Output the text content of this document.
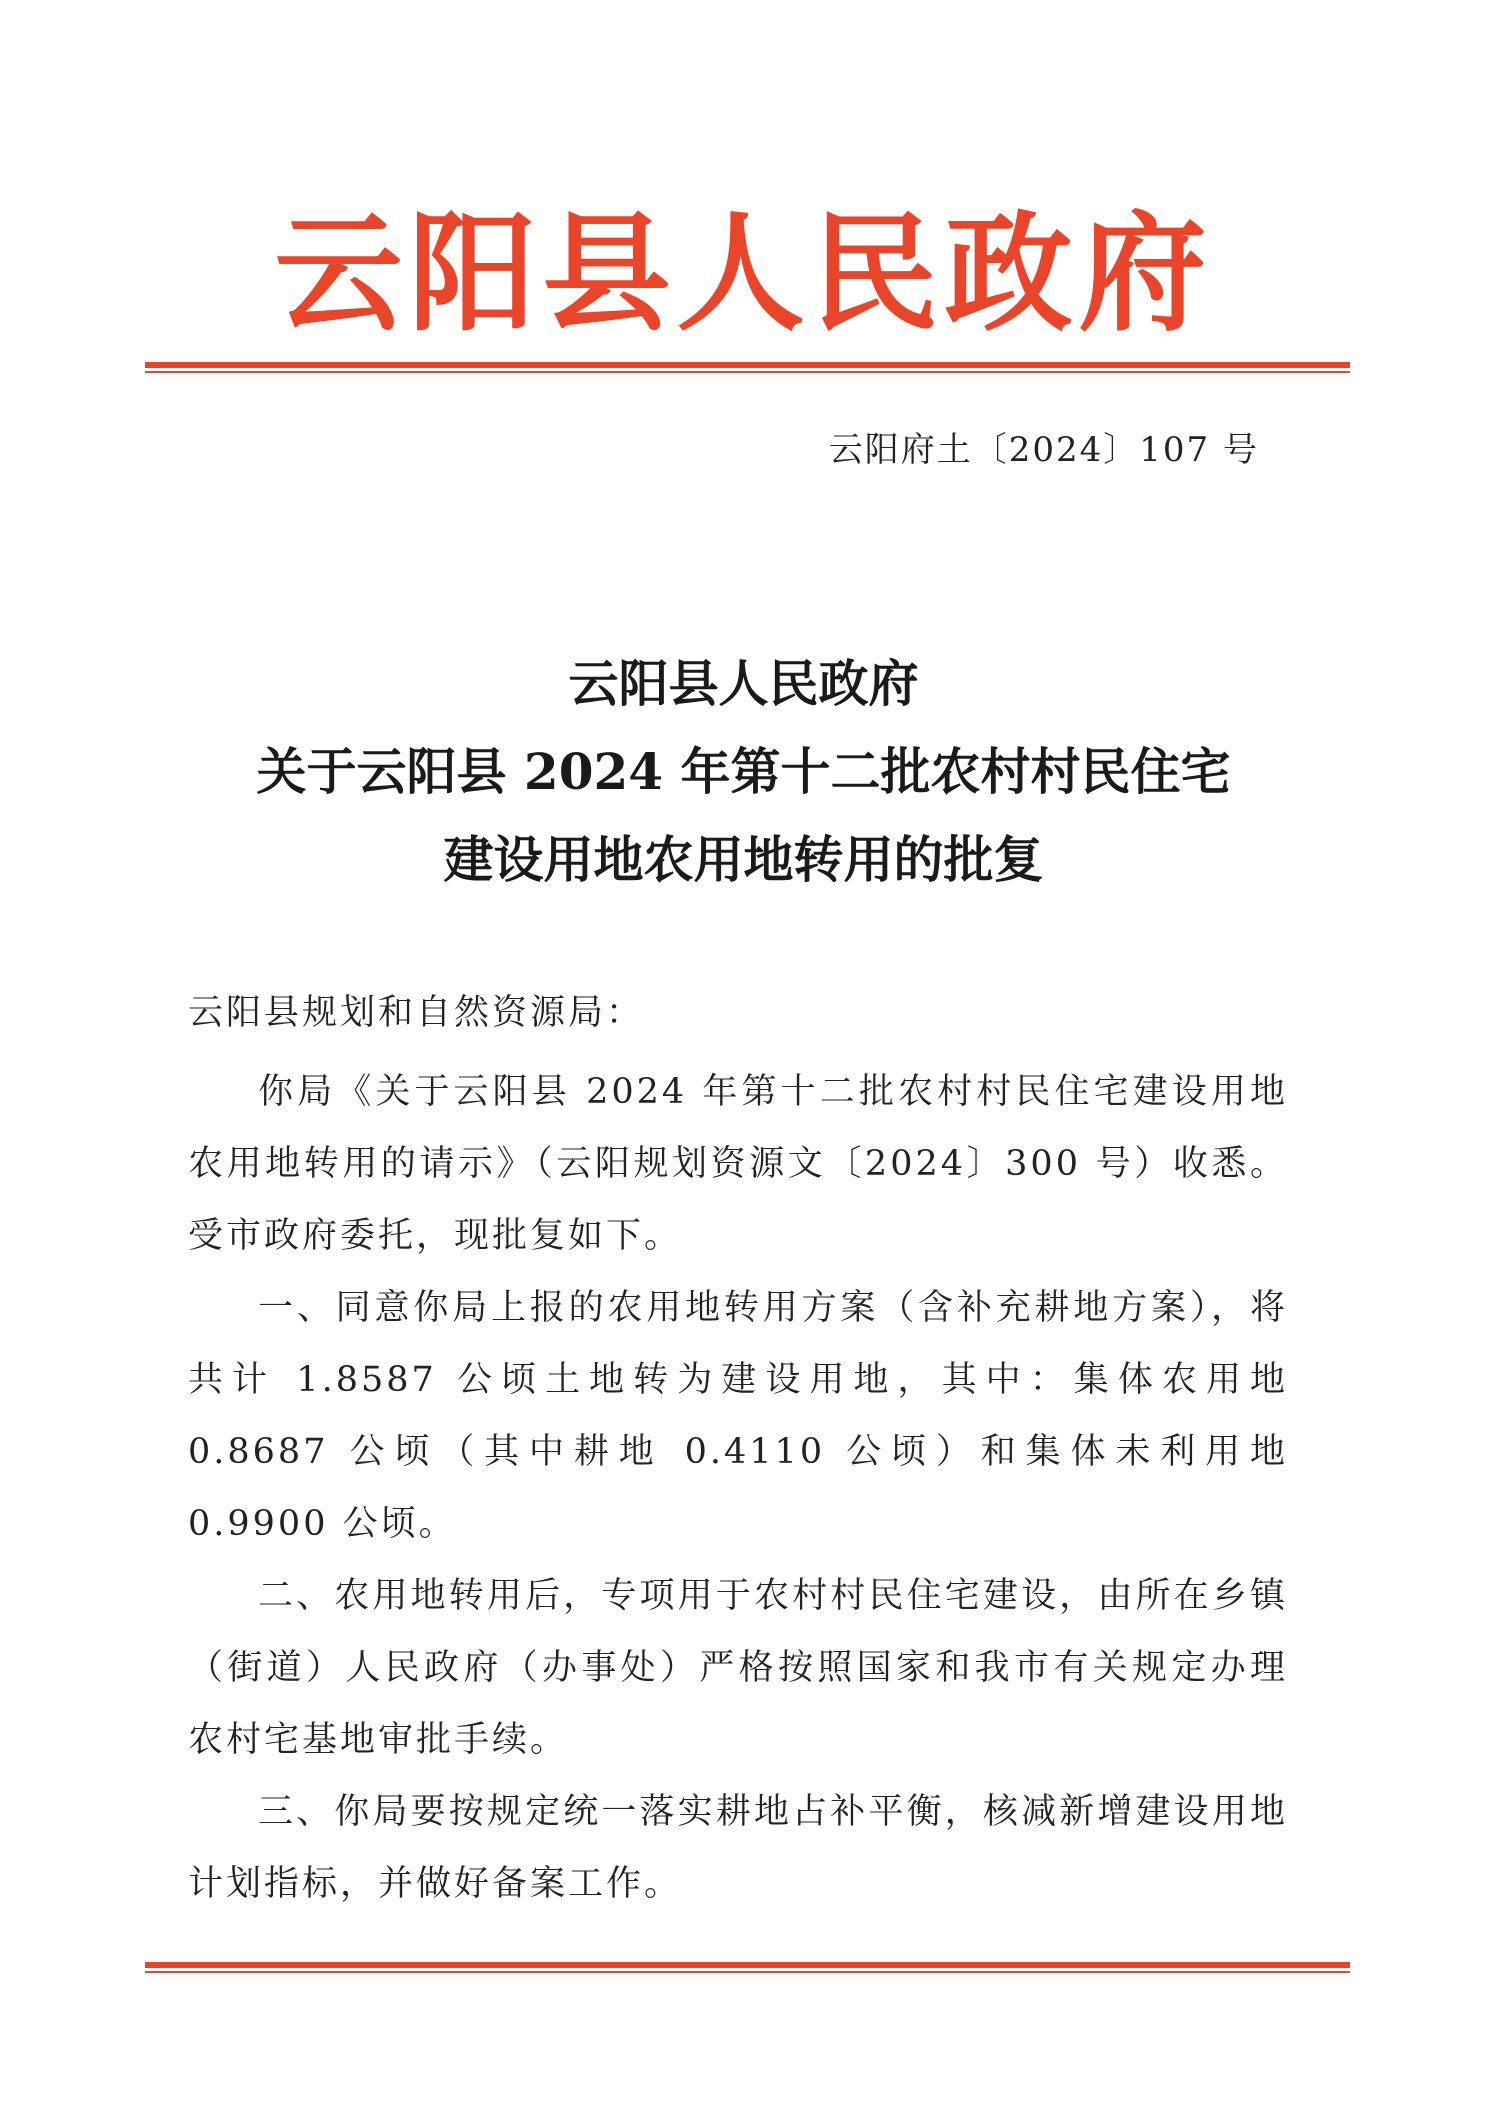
云阳县人民政府
云阳府土〔2024〕107 号
云阳县人民政府
关于云阳县 2024 年第十二批农村村民住宅
建设用地农用地转用的批复
云阳县规划和自然资源局：

你局《关于云阳县 2024 年第十二批农村村民住宅建设用地农用地转用的请示》（云阳规划资源文〔2024〕300 号）收悉。受市政府委托，现批复如下。

一、同意你局上报的农用地转用方案（含补充耕地方案），将共计 1.8587 公顷土地转为建设用地，其中：集体农用地 0.8687 公顷（其中耕地 0.4110 公顷）和集体未利用地 0.9900 公顷。

二、农用地转用后，专项用于农村村民住宅建设，由所在乡镇（街道）人民政府（办事处）严格按照国家和我市有关规定办理农村宅基地审批手续。

三、你局要按规定统一落实耕地占补平衡，核减新增建设用地计划指标，并做好备案工作。
